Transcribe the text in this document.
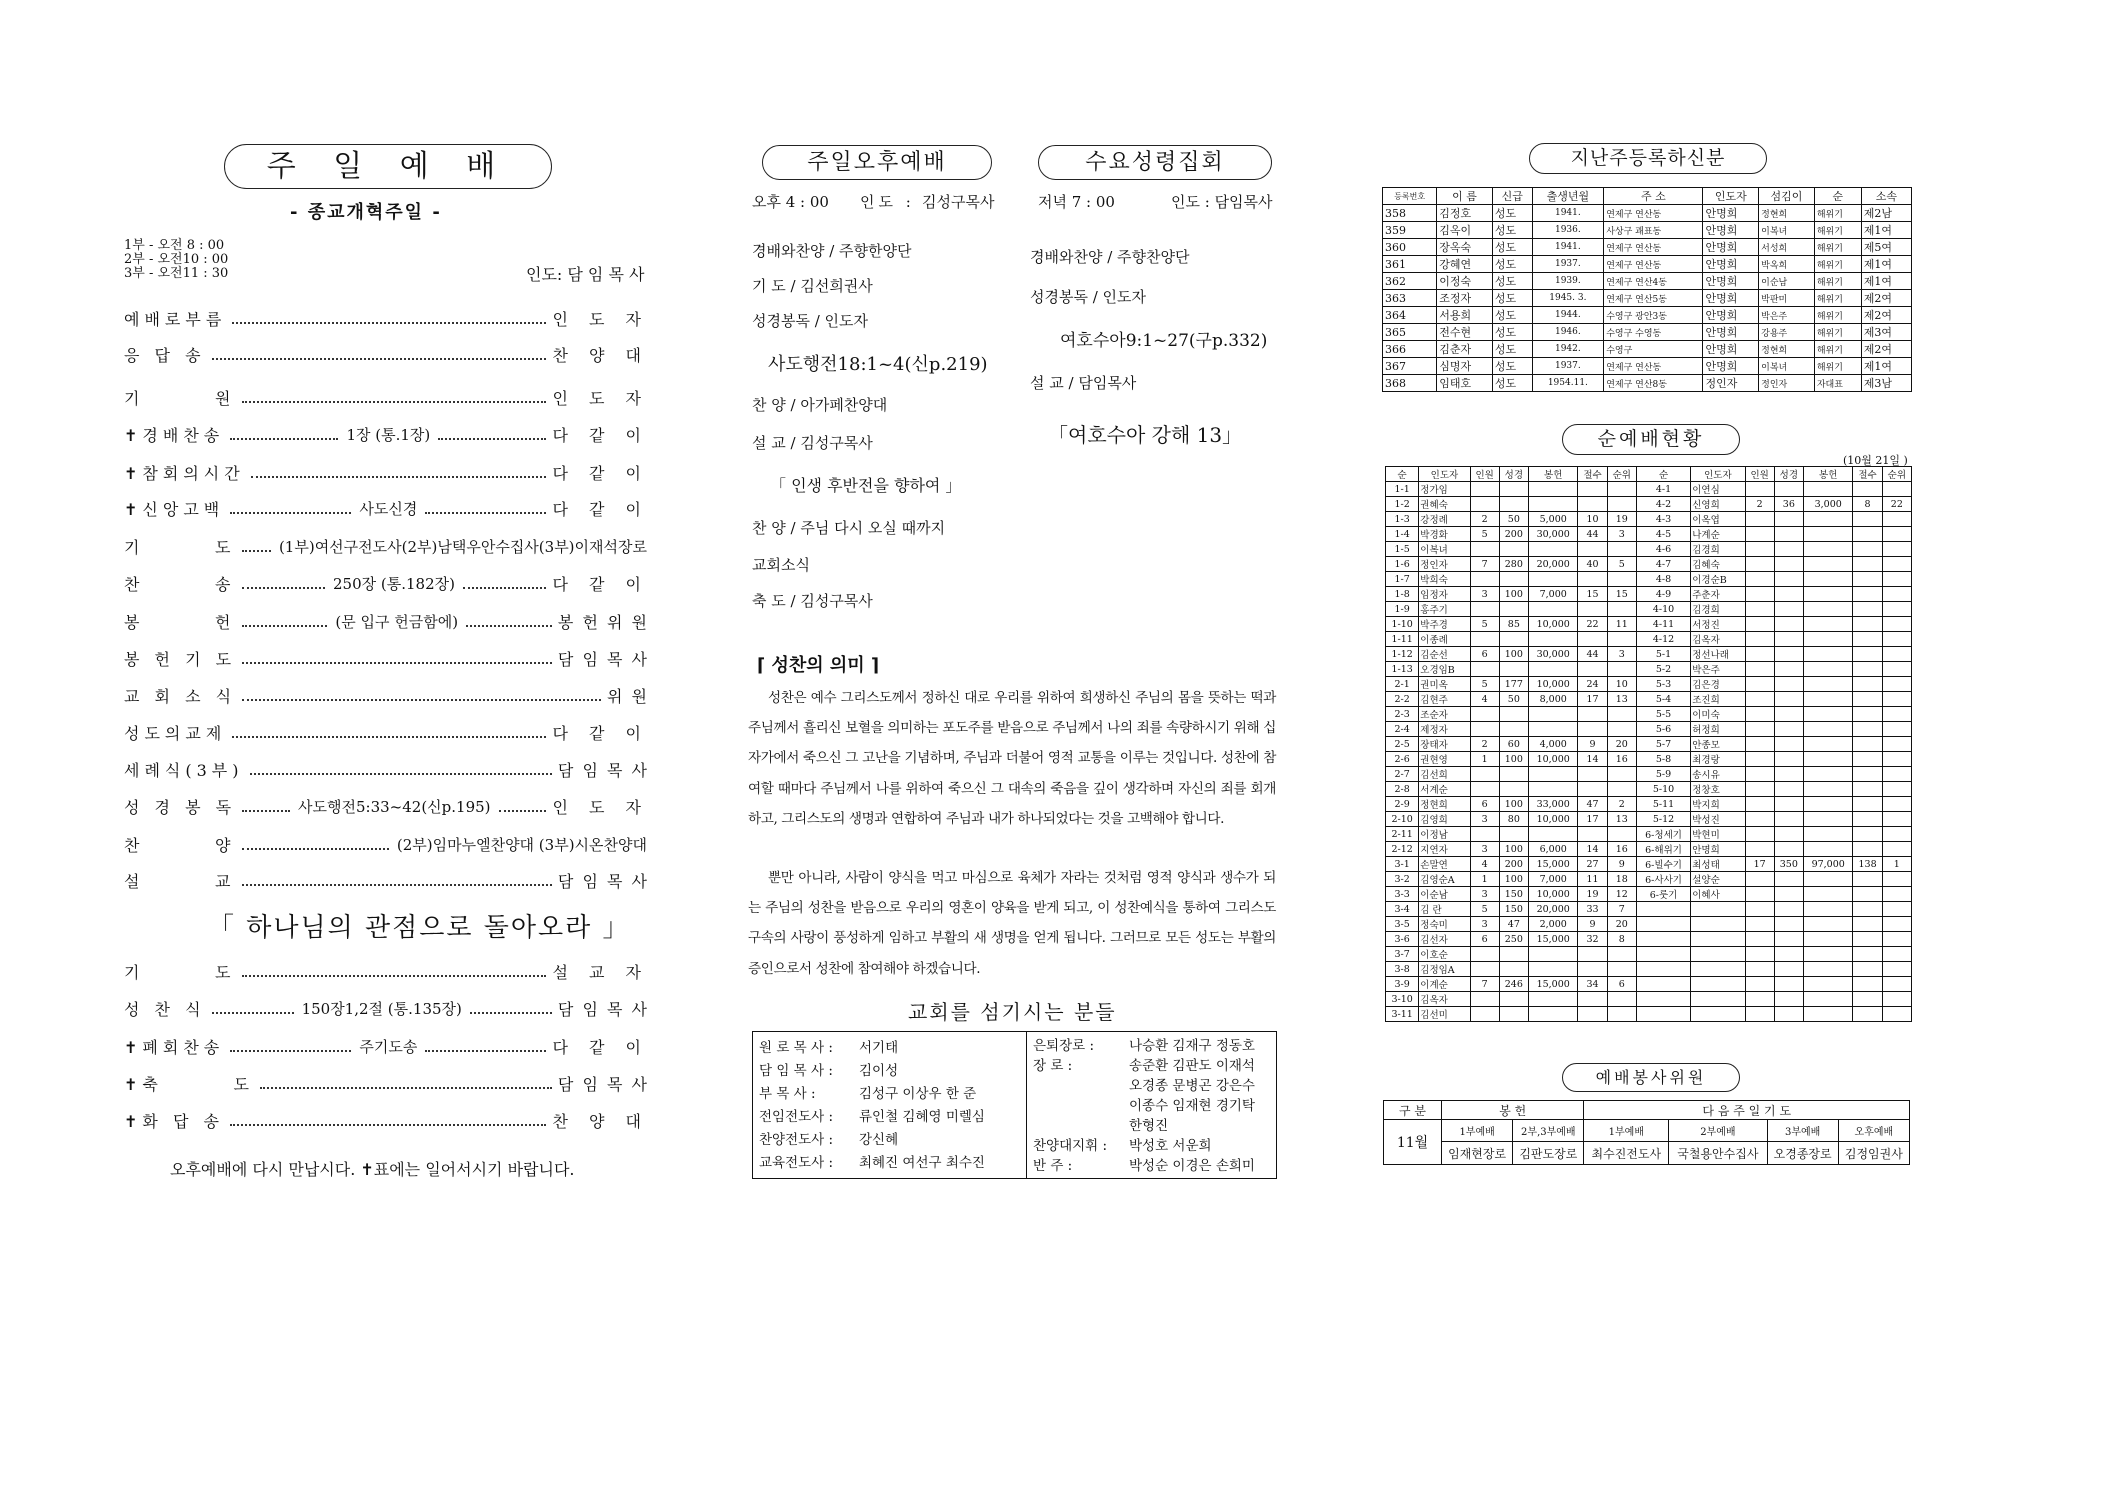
주 일 예 배
- 종교개혁주일 -
1부 - 오전 8 : 00
2부 - 오전10 : 00
3부 - 오전11 : 30	인도: 담 임 목 사
예배로부름	인 도 자
응 답 송	찬 양 대
기       원	인 도 자
✝경배찬송	1장 (통.1장)	다 같 이
✝참회의시간	다 같 이
✝신앙고백	사도신경	다 같 이
기       도	(1부)여선구전도사(2부)남택우안수집사(3부)이재석장로
찬       송	250장 (통.182장)	다 같 이
봉       헌	(문 입구 헌금함에)	봉 헌 위 원
봉 헌 기 도	담 임 목 사
교 회 소 식	위 원
성도의교제	다 같 이
세례식(3부)	담 임 목 사
성 경 봉 독	사도행전5:33~42(신p.195)	인 도 자
찬       양	(2부)임마누엘찬양대 (3부)시온찬양대
설       교	담 임 목 사
「 하나님의 관점으로 돌아오라 」
기       도	설 교 자
성 찬 식	150장1,2절 (통.135장)	담 임 목 사
✝폐회찬송	주기도송	다 같 이
✝축       도	담 임 목 사
✝화 답 송	찬 양 대
오후예배에 다시 만납시다. ✝표에는 일어서시기 바랍니다.
주일오후예배	수요성령집회
오후 4 : 00 인도 : 김성구목사
경배와찬양 / 주향한양단
기 도 / 김선희권사
성경봉독 / 인도자
사도행전18:1~4(신p.219)
찬 양 / 아가페찬양대
설 교 / 김성구목사
「 인생 후반전을 향하여 」
찬 양 / 주님 다시 오실 때까지
교회소식
축 도 / 김성구목사
저녁 7 : 00	인도 : 담임목사
경배와찬양 / 주향찬양단
성경봉독 / 인도자
여호수아9:1~27(구p.332)
설 교 / 담임목사
「여호수아 강해 13」
⌈ 성찬의 의미 ⌉
성찬은 예수 그리스도께서 정하신 대로 우리를 위하여 희생하신 주님의 몸을 뜻하는 떡과 주님께서 흘리신 보혈을 의미하는 포도주를 받음으로 주님께서 나의 죄를 속량하시기 위해 십자가에서 죽으신 그 고난을 기념하며, 주님과 더불어 영적 교통을 이루는 것입니다. 성찬에 참여할 때마다 주님께서 나를 위하여 죽으신 그 대속의 죽음을 깊이 생각하며 자신의 죄를 회개하고, 그리스도의 생명과 연합하여 주님과 내가 하나되었다는 것을 고백해야 합니다.
뿐만 아니라, 사람이 양식을 먹고 마심으로 육체가 자라는 것처럼 영적 양식과 생수가 되는 주님의 성찬을 받음으로 우리의 영혼이 양육을 받게 되고, 이 성찬예식을 통하여 그리스도 구속의 사랑이 풍성하게 임하고 부활의 새 생명을 얻게 됩니다. 그러므로 모든 성도는 부활의 증인으로서 성찬에 참여해야 하겠습니다.
교회를 섬기시는 분들
원 로 목 사 : 서기태
담 임 목 사 : 김이성
부 목 사 :	김성구 이상우 한 준
전임전도사 : 류인철 김혜영 미렐심
찬양전도사 : 강신혜
교육전도사 : 최혜진 여선구 최수진
은퇴장로 :	나승환 김재구 정동호
장 로 :	송준환 김판도 이재석
오경종 문병곤 강은수
이종수 임재현 경기탁
한형진
찬양대지휘 : 박성호 서운희
반 주 :	박성순 이경은 손희미
지난주등록하신분
등록번호	이 름	신급	출생년월	주 소	인도자	섬김이	순	소속
358	김정호	성도	1941.	연제구 연산동	안명희	정현희	해위기	제2남
359	김옥이	성도	1936.	사상구 괘표동	안명희	이복녀	해위기	제1여
360	장옥숙	성도	1941.	연제구 연산동	안명희	서성희	해위기	제5여
361	강혜연	성도	1937.	연제구 연산동	안명희	박옥희	해위기	제1여
362	이정숙	성도	1939.	연제구 연산4동	안명희	이순남	해위기	제1여
363	조정자	성도	1945. 3.	연제구 연산5동	안명희	박판미	해위기	제2여
364	서용희	성도	1944.	수영구 광안3동	안명희	박은주	해위기	제2여
365	전수현	성도	1946.	수영구 수영동	안명희	강용주	해위기	제3여
366	김춘자	성도	1942.	수영구	안명희	정현희	해위기	제2여
367	심명자	성도	1937.	연제구 연산동	안명희	이복녀	해위기	제1여
368	임태호	성도	1954.11.	연제구 연산8동	정인자	정인자	자대표	제3남
순예배현황
(10월 21일 )
순	인도자	인원	성경	봉헌	절수	순위	순	인도자	인원	성경	봉헌	절수	순위
1-1	정가임						4-1	이연심					
1-2	권혜숙						4-2	신영희	2	36	3,000	8	22
1-3	강정례	2	50	5,000	10	19	4-3	이옥엽					
1-4	박경화	5	200	30,000	44	3	4-5	나계순					
1-5	이복녀						4-6	김경희					
1-6	정인자	7	280	20,000	40	5	4-7	김혜숙					
1-7	박희숙						4-8	이경순B					
1-8	임정자	3	100	7,000	15	15	4-9	주춘자					
1-9	홍주기						4-10	김경희					
1-10	박주경	5	85	10,000	22	11	4-11	서정진					
1-11	이종례						4-12	김옥자					
1-12	김순선	6	100	30,000	44	3	5-1	정선나래					
1-13	오경임B						5-2	박은주					
2-1	권미옥	5	177	10,000	24	10	5-3	김은경					
2-2	김현주	4	50	8,000	17	13	5-4	조진희					
2-3	조순자						5-5	이미숙					
2-4	제정자						5-6	허정희					
2-5	장태자	2	60	4,000	9	20	5-7	안종모					
2-6	권현영	1	100	10,000	14	16	5-8	최경랑					
2-7	김선희						5-9	송시유					
2-8	서계순						5-10	정창호					
2-9	정현희	6	100	33,000	47	2	5-11	박지희					
2-10	김영희	3	80	10,000	17	13	5-12	박성진					
2-11	이정남						6-청세기	박현미					
2-12	지연자	3	100	6,000	14	16	6-해위기	안명희					
3-1	손말연	4	200	15,000	27	9	6-빌수기	최성태	17	350	97,000	138	1
3-2	김영순A	1	100	7,000	11	18	6-사사기	설양순					
3-3	이순남	3	150	10,000	19	12	6-룻기	이혜사					
3-4	김 란	5	150	20,000	33	7							
3-5	정숙미	3	47	2,000	9	20							
3-6	김선자	6	250	15,000	32	8							
3-7	이호순												
3-8	김정임A												
3-9	이계순	7	246	15,000	34	6							
3-10	김옥자												
3-11	김선미												
예배봉사위원
구 분	봉 헌		다 음 주 일 기 도			
11월	1부예배	2부,3부예배	1부예배	2부예배	3부예배	오후예배
	임재현장로	김판도장로	최수진전도사	국철용안수집사	오경종장로	김정임권사
